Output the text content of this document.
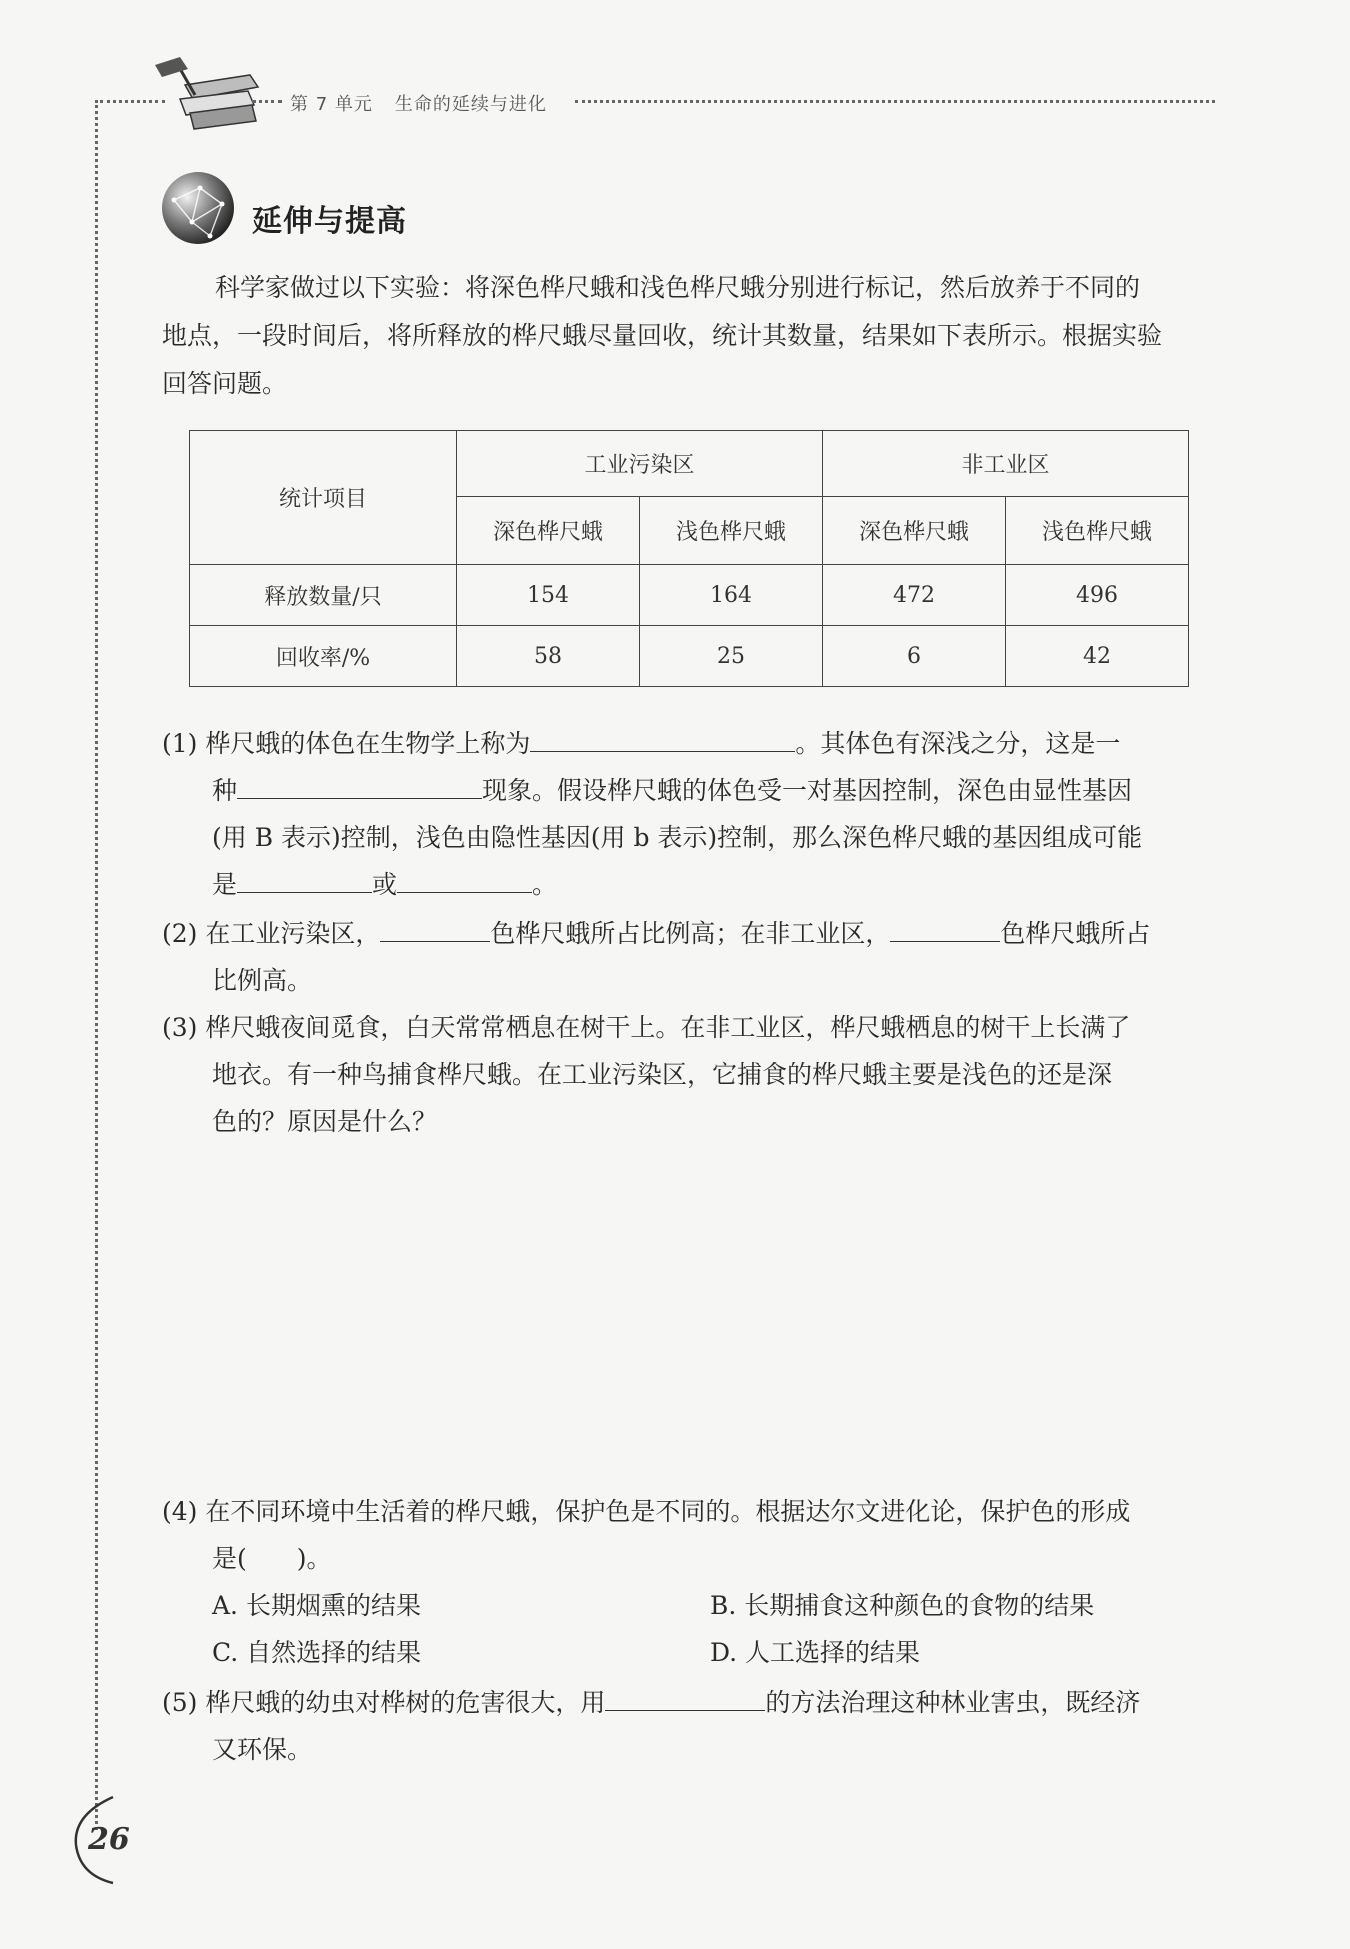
第 7 单元 生命的延续与进化
延伸与提高
科学家做过以下实验：将深色桦尺蛾和浅色桦尺蛾分别进行标记，然后放养于不同的
地点，一段时间后，将所释放的桦尺蛾尽量回收，统计其数量，结果如下表所示。根据实验
回答问题。
统计项目	工业污染区		非工业区	
	深色桦尺蛾	浅色桦尺蛾	深色桦尺蛾	浅色桦尺蛾
释放数量/只	154	164	472	496
回收率/%	58	25	6	42
(1) 桦尺蛾的体色在生物学上称为	。其体色有深浅之分，这是一
种	现象。假设桦尺蛾的体色受一对基因控制，深色由显性基因
(用 B 表示)控制，浅色由隐性基因(用 b 表示)控制，那么深色桦尺蛾的基因组成可能
是	或	。
(2) 在工业污染区，	色桦尺蛾所占比例高；在非工业区，	色桦尺蛾所占
比例高。
(3) 桦尺蛾夜间觅食，白天常常栖息在树干上。在非工业区，桦尺蛾栖息的树干上长满了
地衣。有一种鸟捕食桦尺蛾。在工业污染区，它捕食的桦尺蛾主要是浅色的还是深
色的？原因是什么？
(4) 在不同环境中生活着的桦尺蛾，保护色是不同的。根据达尔文进化论，保护色的形成
是(　　)。
A. 长期烟熏的结果	B. 长期捕食这种颜色的食物的结果
C. 自然选择的结果	D. 人工选择的结果
(5) 桦尺蛾的幼虫对桦树的危害很大，用	的方法治理这种林业害虫，既经济
又环保。
26
